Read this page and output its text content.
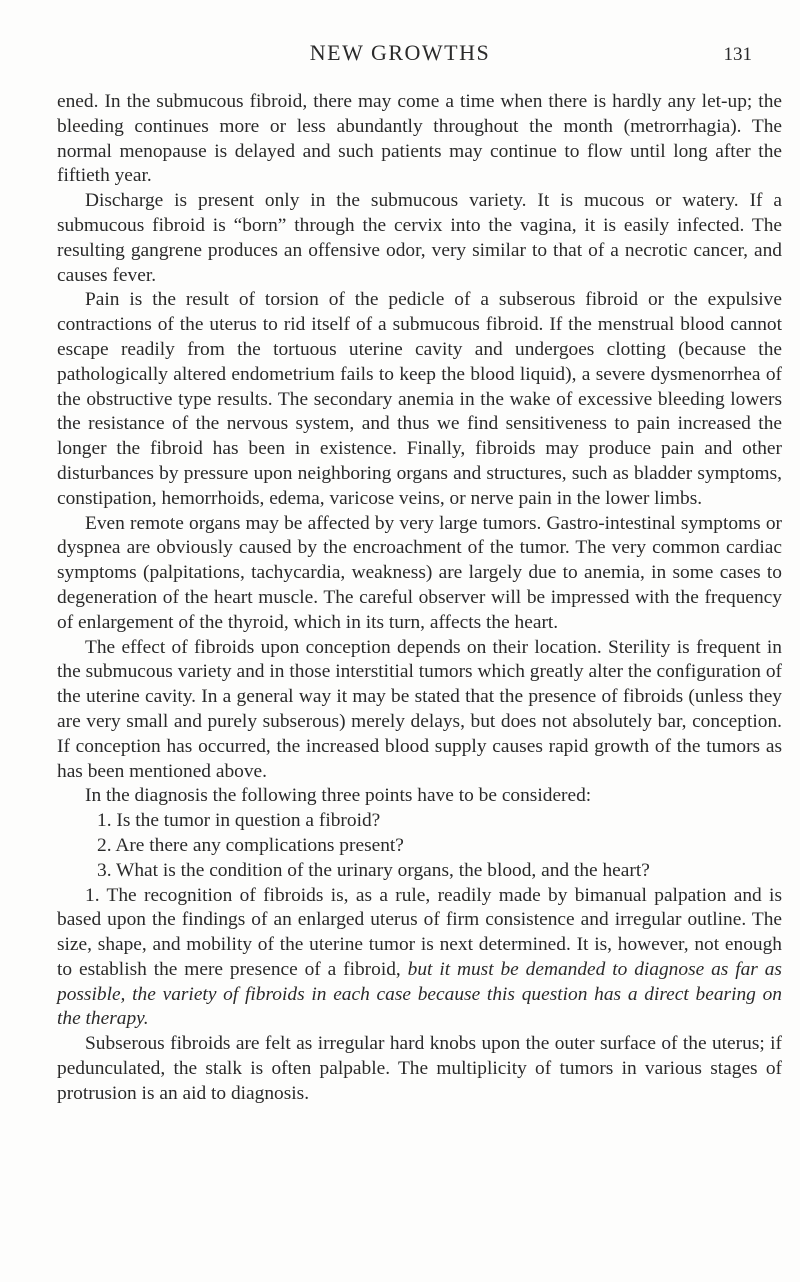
NEW GROWTHS	131

ened. In the submucous fibroid, there may come a time when there is hardly any let-up; the bleeding continues more or less abundantly throughout the month (metrorrhagia). The normal menopause is delayed and such patients may continue to flow until long after the fiftieth year.

Discharge is present only in the submucous variety. It is mucous or watery. If a submucous fibroid is “born” through the cervix into the vagina, it is easily infected. The resulting gangrene produces an offensive odor, very similar to that of a necrotic cancer, and causes fever.

Pain is the result of torsion of the pedicle of a subserous fibroid or the expulsive contractions of the uterus to rid itself of a submucous fibroid. If the menstrual blood cannot escape readily from the tortuous uterine cavity and undergoes clotting (because the pathologically altered endometrium fails to keep the blood liquid), a severe dysmenorrhea of the obstructive type results. The secondary anemia in the wake of excessive bleeding lowers the resistance of the nervous system, and thus we find sensitiveness to pain increased the longer the fibroid has been in existence. Finally, fibroids may produce pain and other disturbances by pressure upon neighboring organs and structures, such as bladder symptoms, constipation, hemorrhoids, edema, varicose veins, or nerve pain in the lower limbs.

Even remote organs may be affected by very large tumors. Gastro-intestinal symptoms or dyspnea are obviously caused by the encroachment of the tumor. The very common cardiac symptoms (palpitations, tachycardia, weakness) are largely due to anemia, in some cases to degeneration of the heart muscle. The careful observer will be impressed with the frequency of enlargement of the thyroid, which in its turn, affects the heart.

The effect of fibroids upon conception depends on their location. Sterility is frequent in the submucous variety and in those interstitial tumors which greatly alter the configuration of the uterine cavity. In a general way it may be stated that the presence of fibroids (unless they are very small and purely subserous) merely delays, but does not absolutely bar, conception. If conception has occurred, the increased blood supply causes rapid growth of the tumors as has been mentioned above.

In the diagnosis the following three points have to be considered:

1. Is the tumor in question a fibroid?

2. Are there any complications present?

3. What is the condition of the urinary organs, the blood, and the heart?

1. The recognition of fibroids is, as a rule, readily made by bimanual palpation and is based upon the findings of an enlarged uterus of firm consistence and irregular outline. The size, shape, and mobility of the uterine tumor is next determined. It is, however, not enough to establish the mere presence of a fibroid, but it must be demanded to diagnose as far as possible, the variety of fibroids in each case because this question has a direct bearing on the therapy.

Subserous fibroids are felt as irregular hard knobs upon the outer surface of the uterus; if pedunculated, the stalk is often palpable. The multiplicity of tumors in various stages of protrusion is an aid to diagnosis.
